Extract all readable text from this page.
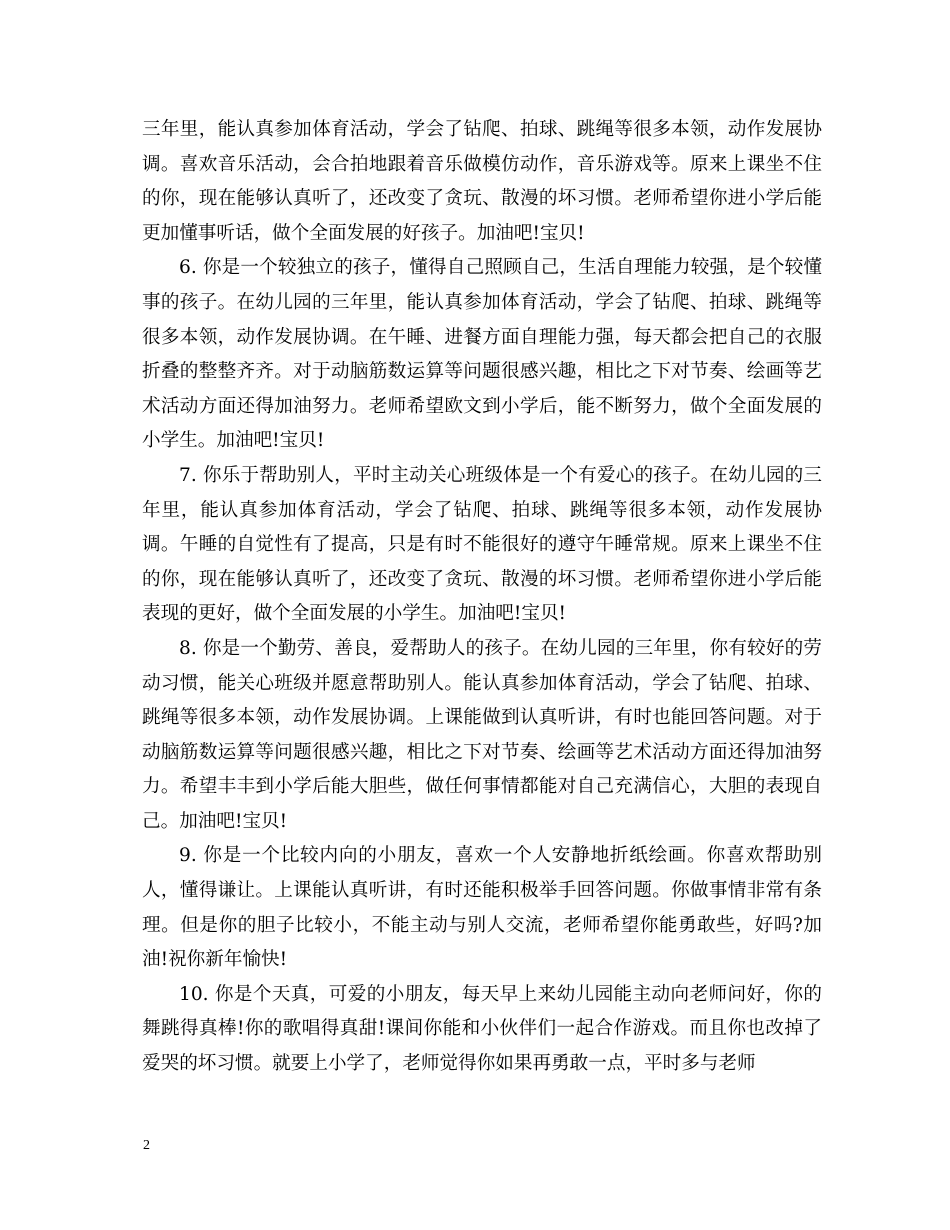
三年里，能认真参加体育活动，学会了钻爬、拍球、跳绳等很多本领，动作发展协调。喜欢音乐活动，会合拍地跟着音乐做模仿动作，音乐游戏等。原来上课坐不住的你，现在能够认真听了，还改变了贪玩、散漫的坏习惯。老师希望你进小学后能更加懂事听话，做个全面发展的好孩子。加油吧!宝贝!

6. 你是一个较独立的孩子，懂得自己照顾自己，生活自理能力较强，是个较懂事的孩子。在幼儿园的三年里，能认真参加体育活动，学会了钻爬、拍球、跳绳等很多本领，动作发展协调。在午睡、进餐方面自理能力强，每天都会把自己的衣服折叠的整整齐齐。对于动脑筋数运算等问题很感兴趣，相比之下对节奏、绘画等艺术活动方面还得加油努力。老师希望欧文到小学后，能不断努力，做个全面发展的小学生。加油吧!宝贝!

7. 你乐于帮助别人，平时主动关心班级体是一个有爱心的孩子。在幼儿园的三年里，能认真参加体育活动，学会了钻爬、拍球、跳绳等很多本领，动作发展协调。午睡的自觉性有了提高，只是有时不能很好的遵守午睡常规。原来上课坐不住的你，现在能够认真听了，还改变了贪玩、散漫的坏习惯。老师希望你进小学后能表现的更好，做个全面发展的小学生。加油吧!宝贝!

8. 你是一个勤劳、善良，爱帮助人的孩子。在幼儿园的三年里，你有较好的劳动习惯，能关心班级并愿意帮助别人。能认真参加体育活动，学会了钻爬、拍球、跳绳等很多本领，动作发展协调。上课能做到认真听讲，有时也能回答问题。对于动脑筋数运算等问题很感兴趣，相比之下对节奏、绘画等艺术活动方面还得加油努力。希望丰丰到小学后能大胆些，做任何事情都能对自己充满信心，大胆的表现自己。加油吧!宝贝!

9. 你是一个比较内向的小朋友，喜欢一个人安静地折纸绘画。你喜欢帮助别人，懂得谦让。上课能认真听讲，有时还能积极举手回答问题。你做事情非常有条理。但是你的胆子比较小，不能主动与别人交流，老师希望你能勇敢些，好吗?加油!祝你新年愉快!

10. 你是个天真，可爱的小朋友，每天早上来幼儿园能主动向老师问好，你的舞跳得真棒!你的歌唱得真甜!课间你能和小伙伴们一起合作游戏。而且你也改掉了爱哭的坏习惯。就要上小学了，老师觉得你如果再勇敢一点，平时多与老师

2
